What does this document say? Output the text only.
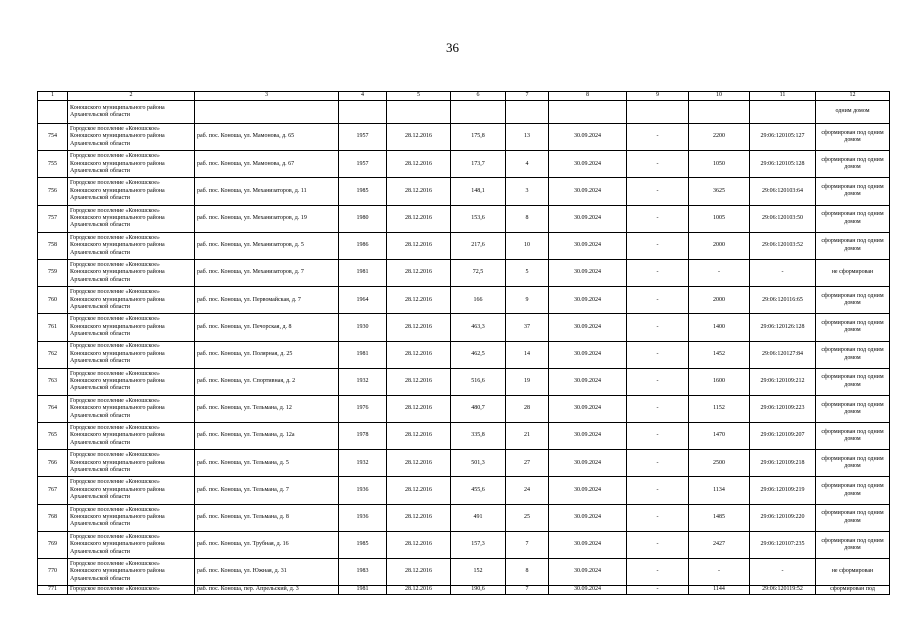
36
1	2	3	4	5	6	7	8	9	10	11	12
	Коношского муниципального района Архангельской области										одним домом
754	Городское поселение «Коношское» Коношского муниципального района Архангельской области	раб. пос. Коноша, ул. Мамонова, д. 65	1957	28.12.2016	175,8	13	30.09.2024	-	2200	29:06:120105:127	сформирован под одним домом
755	Городское поселение «Коношское» Коношского муниципального района Архангельской области	раб. пос. Коноша, ул. Мамонова, д. 67	1957	28.12.2016	173,7	4	30.09.2024	-	1050	29:06:120105:128	сформирован под одним домом
756	Городское поселение «Коношское» Коношского муниципального района Архангельской области	раб. пос. Коноша, ул. Механизаторов, д. 11	1985	28.12.2016	148,1	3	30.09.2024	-	3625	29:06:120103:64	сформирован под одним домом
757	Городское поселение «Коношское» Коношского муниципального района Архангельской области	раб. пос. Коноша, ул. Механизаторов, д. 19	1980	28.12.2016	153,6	8	30.09.2024	-	1005	29:06:120103:50	сформирован под одним домом
758	Городское поселение «Коношское» Коношского муниципального района Архангельской области	раб. пос. Коноша, ул. Механизаторов, д. 5	1986	28.12.2016	217,6	10	30.09.2024	-	2000	29:06:120103:52	сформирован под одним домом
759	Городское поселение «Коношское» Коношского муниципального района Архангельской области	раб. пос. Коноша, ул. Механизаторов, д. 7	1981	28.12.2016	72,5	5	30.09.2024	-	-	-	не сформирован
760	Городское поселение «Коношское» Коношского муниципального района Архангельской области	раб. пос. Коноша, ул. Первомайская, д. 7	1964	28.12.2016	166	9	30.09.2024	-	2000	29:06:120116:65	сформирован под одним домом
761	Городское поселение «Коношское» Коношского муниципального района Архангельской области	раб. пос. Коноша, ул. Печорская, д. 8	1930	28.12.2016	463,3	37	30.09.2024	-	1400	29:06:120126:128	сформирован под одним домом
762	Городское поселение «Коношское» Коношского муниципального района Архангельской области	раб. пос. Коноша, ул. Полярная, д. 25	1981	28.12.2016	462,5	14	30.09.2024	-	1452	29:06:120127:84	сформирован под одним домом
763	Городское поселение «Коношское» Коношского муниципального района Архангельской области	раб. пос. Коноша, ул. Спортивная, д. 2	1932	28.12.2016	516,6	19	30.09.2024	-	1600	29:06:120109:212	сформирован под одним домом
764	Городское поселение «Коношское» Коношского муниципального района Архангельской области	раб. пос. Коноша, ул. Тельмана, д. 12	1976	28.12.2016	480,7	28	30.09.2024	-	1152	29:06:120109:223	сформирован под одним домом
765	Городское поселение «Коношское» Коношского муниципального района Архангельской области	раб. пос. Коноша, ул. Тельмана, д. 12а	1978	28.12.2016	335,8	21	30.09.2024	-	1470	29:06:120109:207	сформирован под одним домом
766	Городское поселение «Коношское» Коношского муниципального района Архангельской области	раб. пос. Коноша, ул. Тельмана, д. 5	1932	28.12.2016	501,3	27	30.09.2024	-	2500	29:06:120109:218	сформирован под одним домом
767	Городское поселение «Коношское» Коношского муниципального района Архангельской области	раб. пос. Коноша, ул. Тельмана, д. 7	1936	28.12.2016	455,6	24	30.09.2024	-	1134	29:06:120109:219	сформирован под одним домом
768	Городское поселение «Коношское» Коношского муниципального района Архангельской области	раб. пос. Коноша, ул. Тельмана, д. 8	1936	28.12.2016	491	25	30.09.2024	-	1485	29:06:120109:220	сформирован под одним домом
769	Городское поселение «Коношское» Коношского муниципального района Архангельской области	раб. пос. Коноша, ул. Трубная, д. 16	1985	28.12.2016	157,3	7	30.09.2024	-	2427	29:06:120107:235	сформирован под одним домом
770	Городское поселение «Коношское» Коношского муниципального района Архангельской области	раб. пос. Коноша, ул. Южная, д. 31	1983	28.12.2016	152	8	30.09.2024	-	-	-	не сформирован
771	Городское поселение «Коношское»	раб. пос. Коноша, пер. Апрельский, д. 3	1981	28.12.2016	190,6	7	30.09.2024	-	1144	29:06:120119:52	сформирован под
